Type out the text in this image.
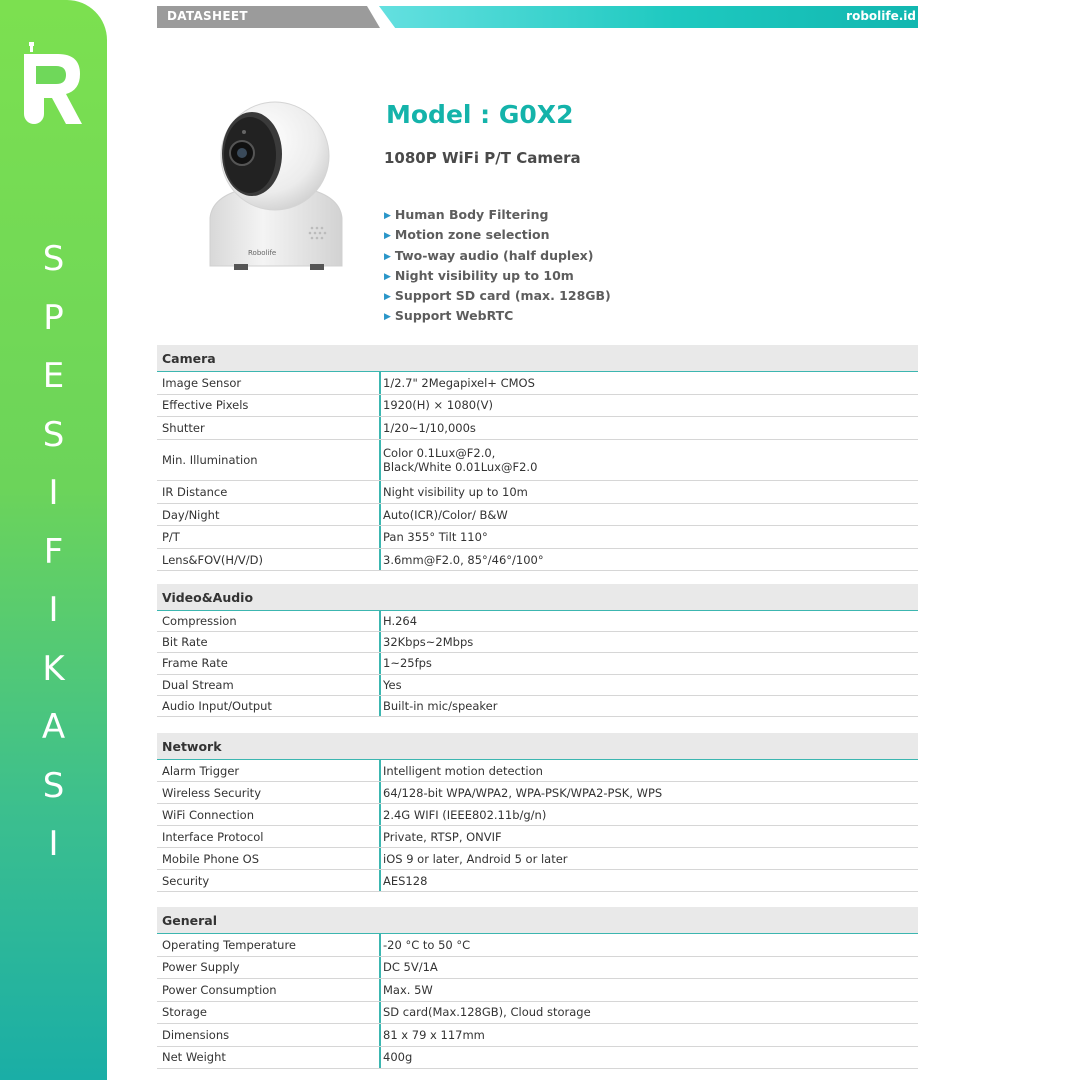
S
P
E
S
I
F
I
K
A
S
I
DATASHEET	robolife.id
Robolife
Model : G0X2
1080P WiFi P/T Camera
▶ Human Body Filtering
▶ Motion zone selection
▶ Two-way audio (half duplex)
▶ Night visibility up to 10m
▶ Support SD card (max. 128GB)
▶ Support WebRTC
Camera
Image Sensor	1/2.7" 2Megapixel+ CMOS
Effective Pixels	1920(H) × 1080(V)
Shutter	1/20~1/10,000s
Min. Illumination	Color 0.1Lux@F2.0,
Black/White 0.01Lux@F2.0
IR Distance	Night visibility up to 10m
Day/Night	Auto(ICR)/Color/ B&W
P/T	Pan 355° Tilt 110°
Lens&FOV(H/V/D)	3.6mm@F2.0, 85°/46°/100°
Video&Audio
Compression	H.264
Bit Rate	32Kbps~2Mbps
Frame Rate	1~25fps
Dual Stream	Yes
Audio Input/Output	Built-in mic/speaker
Network
Alarm Trigger	Intelligent motion detection
Wireless Security	64/128-bit WPA/WPA2, WPA-PSK/WPA2-PSK, WPS
WiFi Connection	2.4G WIFI (IEEE802.11b/g/n)
Interface Protocol	Private, RTSP, ONVIF
Mobile Phone OS	iOS 9 or later, Android 5 or later
Security	AES128
General
Operating Temperature	-20 °C to 50 °C
Power Supply	DC 5V/1A
Power Consumption	Max. 5W
Storage	SD card(Max.128GB), Cloud storage
Dimensions	81 x 79 x 117mm
Net Weight	400g
